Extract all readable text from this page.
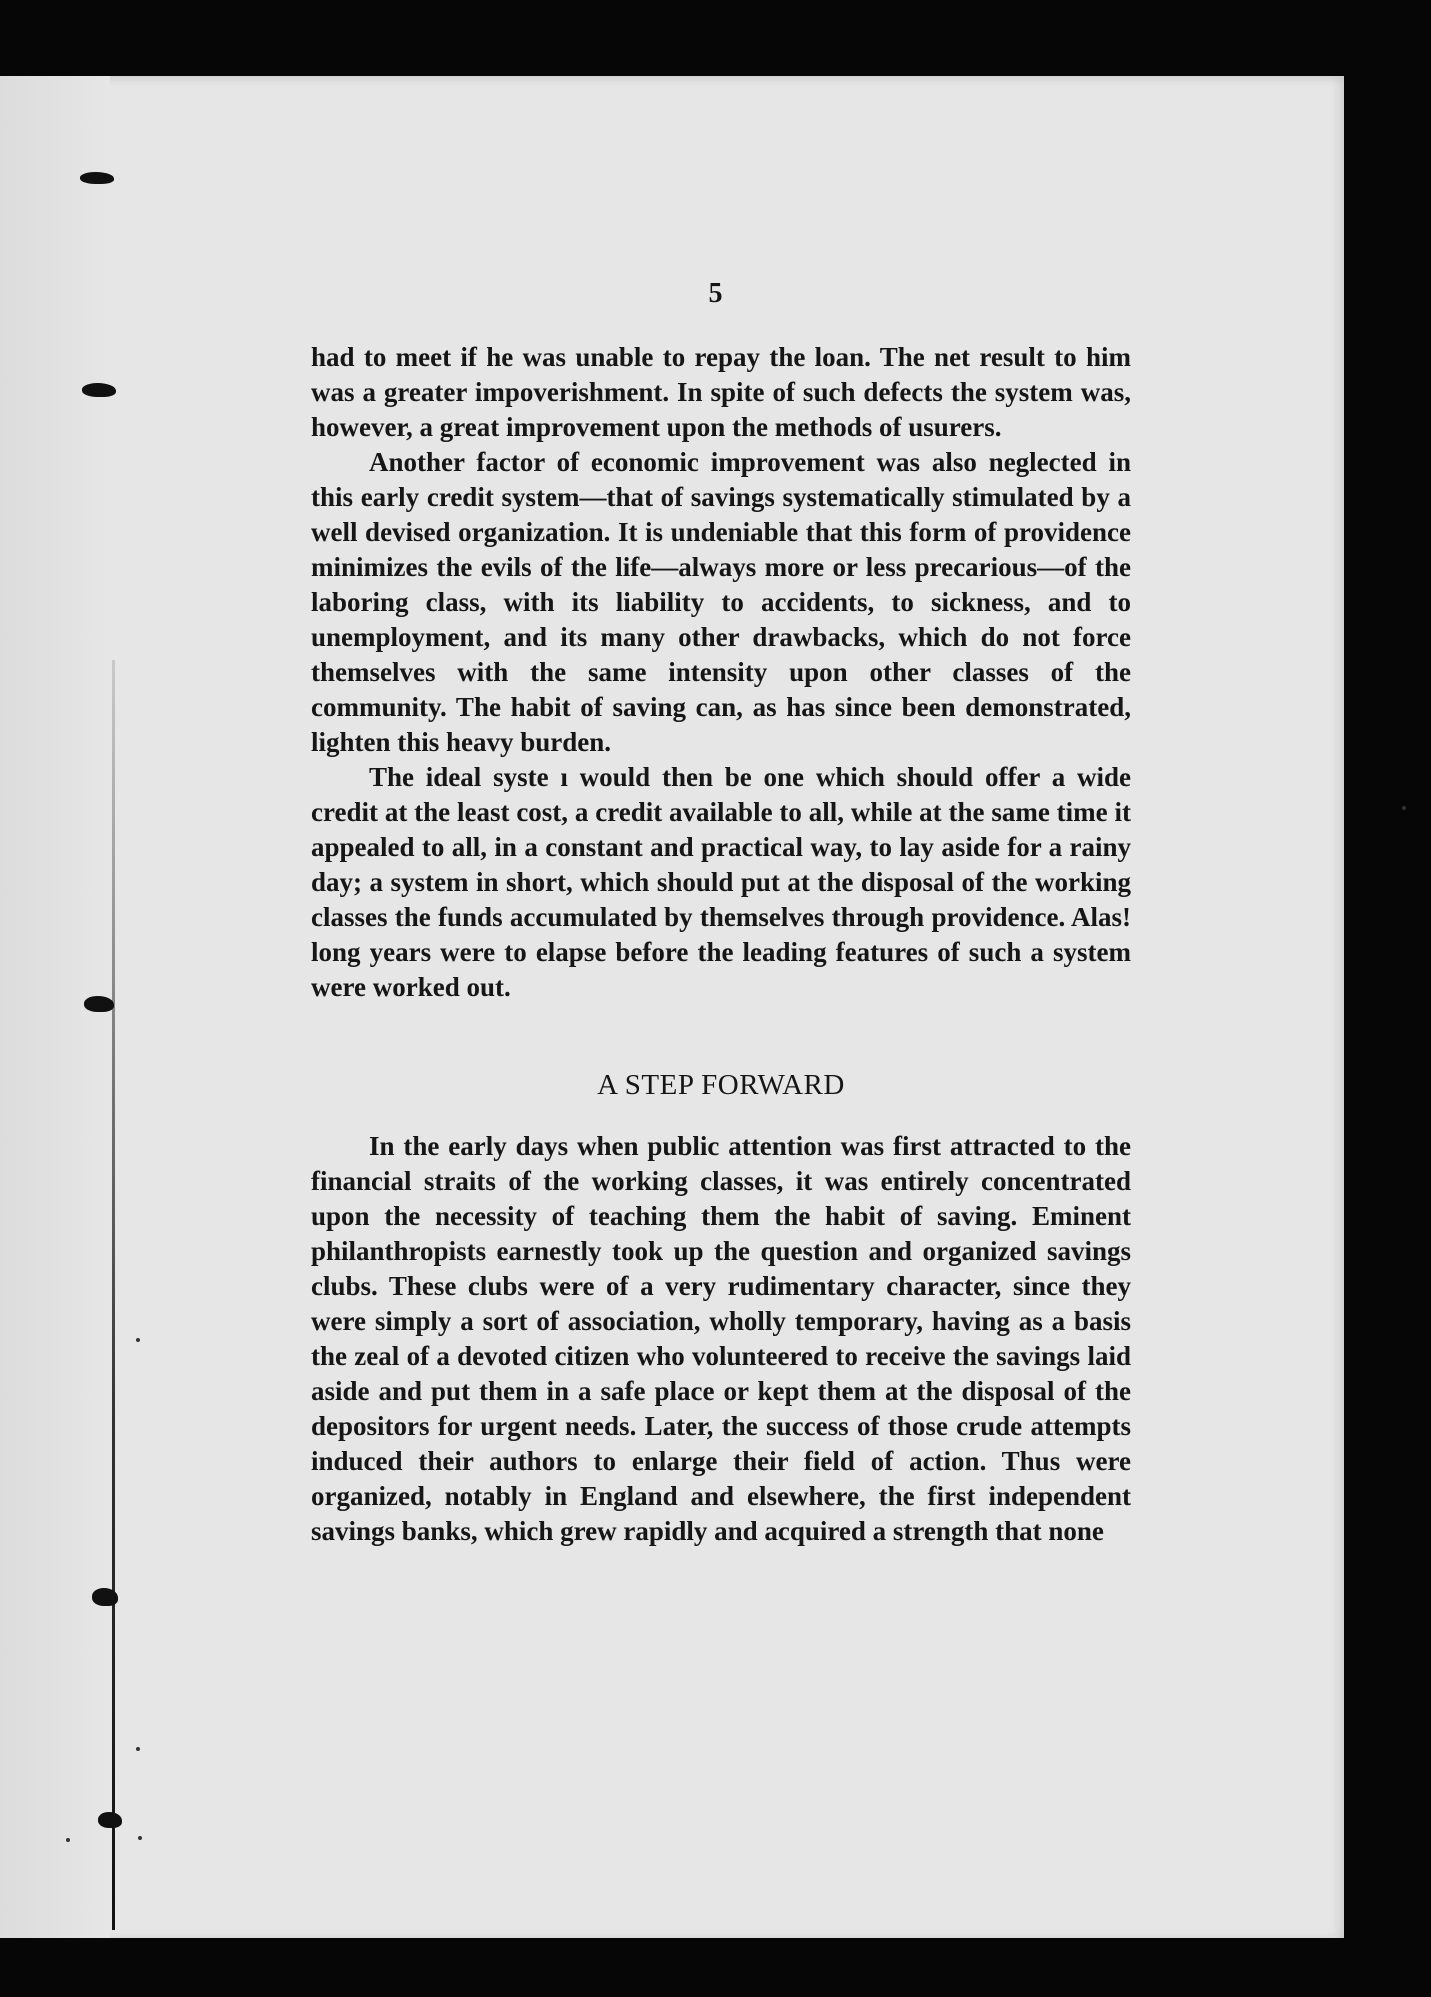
5

had to meet if he was unable to repay the loan. The net result to him was a greater impoverishment. In spite of such defects the system was, however, a great improvement upon the methods of usurers.

Another factor of economic improvement was also neglected in this early credit system—that of savings systematically stimulated by a well devised organization. It is undeniable that this form of providence minimizes the evils of the life—always more or less precarious—of the laboring class, with its liability to accidents, to sickness, and to unemployment, and its many other drawbacks, which do not force themselves with the same intensity upon other classes of the community. The habit of saving can, as has since been demonstrated, lighten this heavy burden.

The ideal syste ı would then be one which should offer a wide credit at the least cost, a credit available to all, while at the same time it appealed to all, in a constant and practical way, to lay aside for a rainy day; a system in short, which should put at the disposal of the working classes the funds accumulated by themselves through providence. Alas! long years were to elapse before the leading features of such a system were worked out.

A STEP FORWARD

In the early days when public attention was first attracted to the financial straits of the working classes, it was entirely concentrated upon the necessity of teaching them the habit of saving. Eminent philanthropists earnestly took up the question and organized savings clubs. These clubs were of a very rudimentary character, since they were simply a sort of association, wholly temporary, having as a basis the zeal of a devoted citizen who volunteered to receive the savings laid aside and put them in a safe place or kept them at the disposal of the depositors for urgent needs. Later, the success of those crude attempts induced their authors to enlarge their field of action. Thus were organized, notably in England and elsewhere, the first independent savings banks, which grew rapidly and acquired a strength that none
